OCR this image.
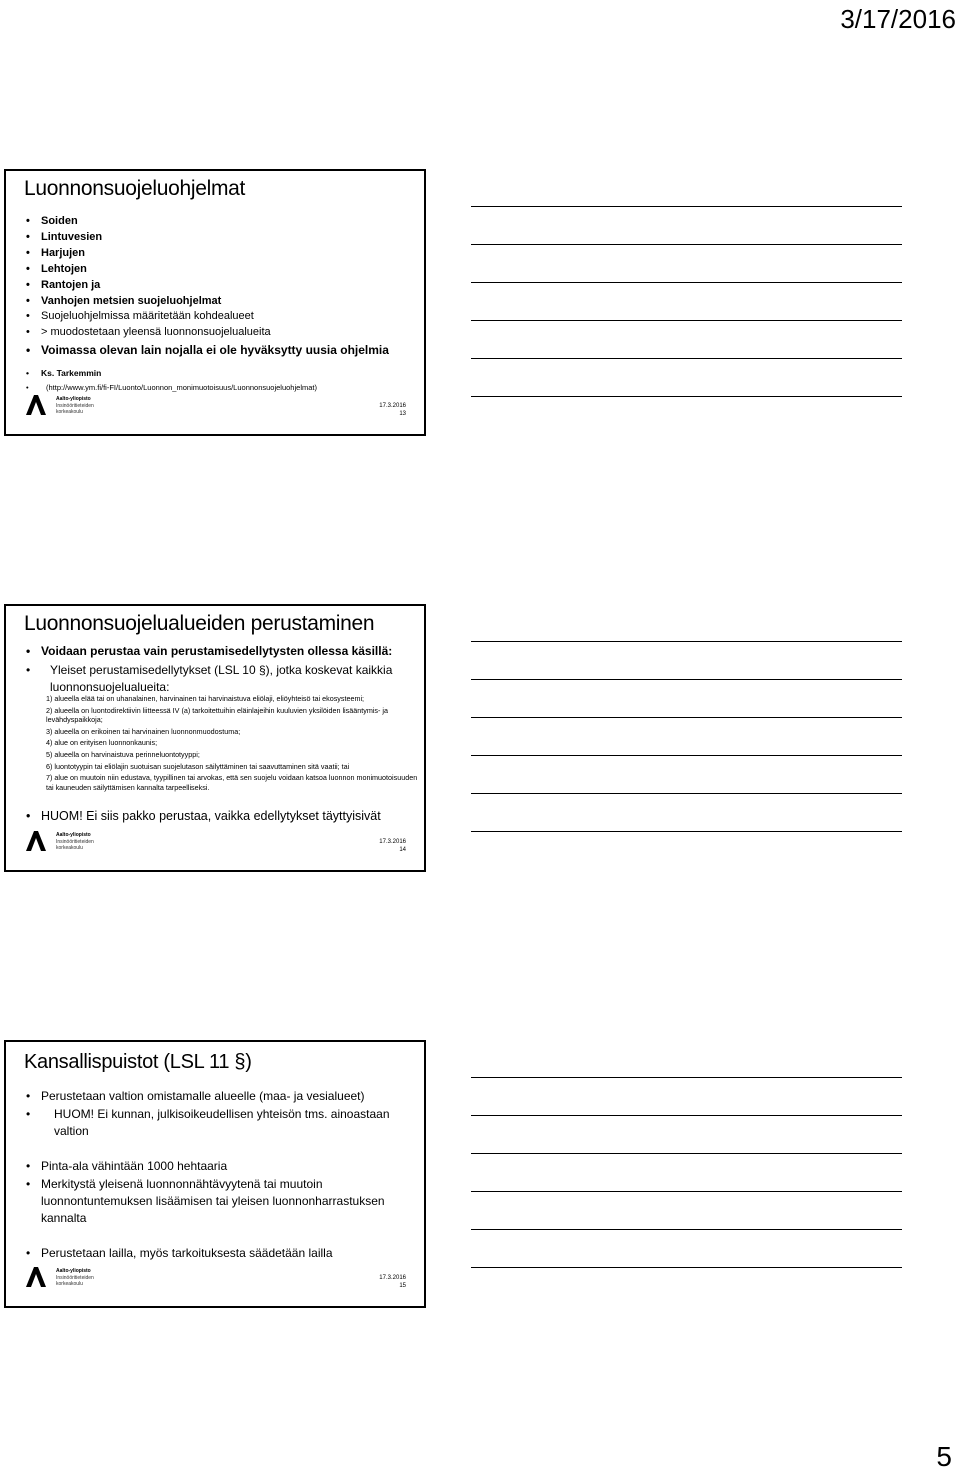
3/17/2016
Luonnonsuojeluohjelmat
• Soiden
• Lintuvesien
• Harjujen
• Lehtojen
• Rantojen ja
• Vanhojen metsien suojeluohjelmat
• Suojeluohjelmissa määritetään kohdealueet
• > muodostetaan yleensä luonnonsuojelualueita
• Voimassa olevan lain nojalla ei ole hyväksytty uusia ohjelmia
• Ks. Tarkemmin
• (http://www.ym.fi/fi-FI/Luonto/Luonnon_monimuotoisuus/Luonnonsuojeluohjelmat)
Aalto-yliopisto
Insinööritieteiden
korkeakoulu
17.3.2016
13
Luonnonsuojelualueiden perustaminen
• Voidaan perustaa vain perustamisedellytysten ollessa käsillä:
• Yleiset perustamisedellytykset (LSL 10 §), jotka koskevat kaikkia luonnonsuojelualueita:
1) alueella elää tai on uhanalainen, harvinainen tai harvinaistuva eliölaji, eliöyhteisö tai ekosysteemi;
2) alueella on luontodirektiivin liitteessä IV (a) tarkoitettuihin eläinlajeihin kuuluvien yksilöiden lisääntymis- ja levähdyspaikkoja;
3) alueella on erikoinen tai harvinainen luonnonmuodostuma;
4) alue on erityisen luonnonkaunis;
5) alueella on harvinaistuva perinneluontotyyppi;
6) luontotyypin tai eliölajin suotuisan suojelutason säilyttäminen tai saavuttaminen sitä vaatii; tai
7) alue on muutoin niin edustava, tyypillinen tai arvokas, että sen suojelu voidaan katsoa luonnon monimuotoisuuden tai kauneuden säilyttämisen kannalta tarpeelliseksi.
• HUOM! Ei siis pakko perustaa, vaikka edellytykset täyttyisivät
Aalto-yliopisto
Insinööritieteiden
korkeakoulu
17.3.2016
14
Kansallispuistot (LSL 11 §)
• Perustetaan valtion omistamalle alueelle (maa- ja vesialueet)
• HUOM! Ei kunnan, julkisoikeudellisen yhteisön tms. ainoastaan valtion
• Pinta-ala vähintään 1000 hehtaaria
• Merkitystä yleisenä luonnonnähtävyytenä tai muutoin luonnontuntemuksen lisäämisen tai yleisen luonnonharrastuksen kannalta
• Perustetaan lailla, myös tarkoituksesta säädetään lailla
Aalto-yliopisto
Insinööritieteiden
korkeakoulu
17.3.2016
15
5
